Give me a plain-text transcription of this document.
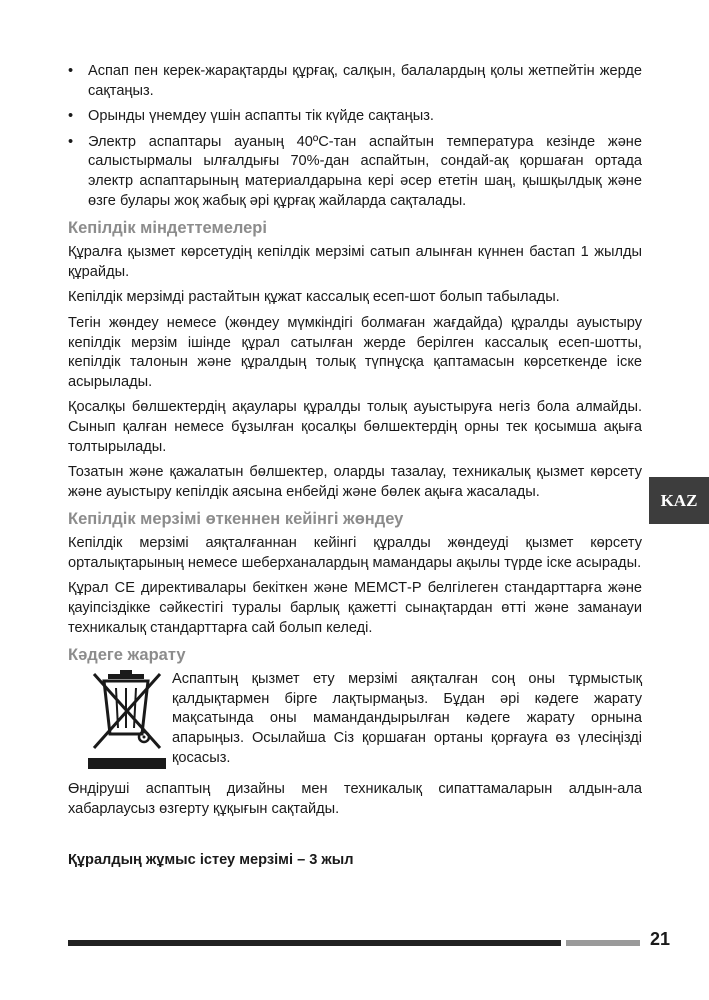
• Аспап пен керек-жарақтарды құрғақ, салқын, балалардың қолы жетпейтін жерде сақтаңыз.
• Орынды үнемдеу үшін аспапты тік күйде сақтаңыз.
• Электр аспаптары ауаның 40ºC-тан аспайтын температура кезінде және салыстырмалы ылғалдығы 70%-дан аспайтын, сондай-ақ қоршаған ортада электр аспаптарының материалдарына кері әсер ететін шаң, қышқылдық және өзге булары жоқ жабық әрі құрғақ жайларда сақталады.
Кепілдік міндеттемелері

Құралға қызмет көрсетудің кепілдік мерзімі сатып алынған күннен бастап 1 жылды құрайды.

Кепілдік мерзімді растайтын құжат кассалық есеп-шот болып табылады.

Тегін жөндеу немесе (жөндеу мүмкіндігі болмаған жағдайда) құралды ауыстыру кепілдік мерзім ішінде құрал сатылған жерде берілген кассалық есеп-шотты, кепілдік талонын және құралдың толық түпнұсқа қаптамасын көрсеткенде іске асырылады.

Қосалқы бөлшектердің ақаулары құралды толық ауыстыруға негіз бола алмайды. Сынып қалған немесе бұзылған қосалқы бөлшектердің орны тек қосымша ақыға толтырылады.

Тозатын және қажалатын бөлшектер, оларды тазалау, техникалық қызмет көрсету және ауыстыру кепілдік аясына енбейді және бөлек ақыға жасалады.

Кепілдік мерзімі өткеннен кейінгі жөндеу

Кепілдік мерзімі аяқталғаннан кейінгі құралды жөндеуді қызмет көрсету орталықтарының немесе шеберханалардың мамандары ақылы түрде іске асырады.

Құрал СЕ директивалары бекіткен және МЕМСТ-Р белгілеген стандарттарға және қауіпсіздікке сәйкестігі туралы барлық қажетті сынақтардан өтті және заманауи техникалық стандарттарға сай болып келеді.

Кәдеге жарату

Аспаптың қызмет ету мерзімі аяқталған соң оны тұрмыстық қалдықтармен бірге лақтырмаңыз. Бұдан әрі кәдеге жарату мақсатында оны мамандандырылған кәдеге жарату орнына апарыңыз. Осылайша Сіз қоршаған ортаны қорғауға өз үлесіңізді қосасыз.

Өндіруші аспаптың дизайны мен техникалық сипаттамаларын алдын-ала хабарлаусыз өзгерту құқығын сақтайды.

Құралдың жұмыс істеу мерзімі – 3 жыл

KAZ
21
